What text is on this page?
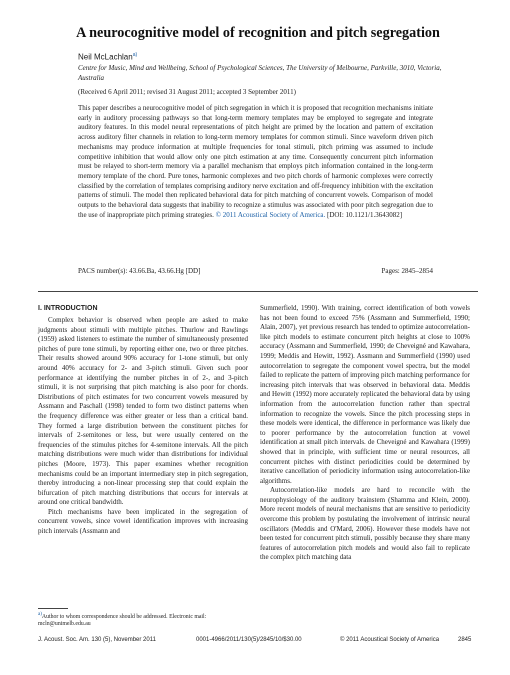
A neurocognitive model of recognition and pitch segregation
Neil McLachlan$^{a)}$
Centre for Music, Mind and Wellbeing, School of Psychological Sciences, The University of Melbourne, Parkville, 3010, Victoria, Australia
(Received 6 April 2011; revised 31 August 2011; accepted 3 September 2011)
This paper describes a neurocognitive model of pitch segregation in which it is proposed that recognition mechanisms initiate early in auditory processing pathways so that long-term memory templates may be employed to segregate and integrate auditory features. In this model neural representations of pitch height are primed by the location and pattern of excitation across auditory filter channels in relation to long-term memory templates for common stimuli. Since waveform driven pitch mechanisms may produce information at multiple frequencies for tonal stimuli, pitch priming was assumed to include competitive inhibition that would allow only one pitch estimation at any time. Consequently concurrent pitch information must be relayed to short-term memory via a parallel mechanism that employs pitch information contained in the long-term memory template of the chord. Pure tones, harmonic complexes and two pitch chords of harmonic complexes were correctly classified by the correlation of templates comprising auditory nerve excitation and off-frequency inhibition with the excitation patterns of stimuli. The model then replicated behavioral data for pitch matching of concurrent vowels. Comparison of model outputs to the behavioral data suggests that inability to recognize a stimulus was associated with poor pitch segregation due to the use of inappropriate pitch priming strategies. © 2011 Acoustical Society of America. [DOI: 10.1121/1.3643082]
PACS number(s): 43.66.Ba, 43.66.Hg [DD]	Pages: 2845–2854
I. INTRODUCTION

Complex behavior is observed when people are asked to make judgments about stimuli with multiple pitches. Thurlow and Rawlings (1959) asked listeners to estimate the number of simultaneously presented pitches of pure tone stimuli, by reporting either one, two or three pitches. Their results showed around 90% accuracy for 1-tone stimuli, but only around 40% accuracy for 2- and 3-pitch stimuli. Given such poor performance at identifying the number pitches in of 2-, and 3-pitch stimuli, it is not surprising that pitch matching is also poor for chords. Distributions of pitch estimates for two concurrent vowels measured by Assmann and Paschall (1998) tended to form two distinct patterns when the frequency difference was either greater or less than a critical band. They formed a large distribution between the constituent pitches for intervals of 2-semitones or less, but were usually centered on the frequencies of the stimulus pitches for 4-semitone intervals. All the pitch matching distributions were much wider than distributions for individual pitches (Moore, 1973). This paper examines whether recognition mechanisms could be an important intermediary step in pitch segregation, thereby introducing a non-linear processing step that could explain the bifurcation of pitch matching distributions that occurs for intervals at around one critical bandwidth.

Pitch mechanisms have been implicated in the segregation of concurrent vowels, since vowel identification improves with increasing pitch intervals (Assmann and

Summerfield, 1990). With training, correct identification of both vowels has not been found to exceed 75% (Assmann and Summerfield, 1990; Alain, 2007), yet previous research has tended to optimize autocorrelation-like pitch models to estimate concurrent pitch heights at close to 100% accuracy (Assmann and Summerfield, 1990; de Cheveigné and Kawahara, 1999; Meddis and Hewitt, 1992). Assmann and Summerfield (1990) used autocorrelation to segregate the component vowel spectra, but the model failed to replicate the pattern of improving pitch matching performance for increasing pitch intervals that was observed in behavioral data. Meddis and Hewitt (1992) more accurately replicated the behavioral data by using information from the autocorrelation function rather than spectral information to recognize the vowels. Since the pitch processing steps in these models were identical, the difference in performance was likely due to poorer performance by the autocorrelation function at vowel identification at small pitch intervals. de Cheveigné and Kawahara (1999) showed that in principle, with sufficient time or neural resources, all concurrent pitches with distinct periodicities could be determined by iterative cancellation of periodicity information using autocorrelation-like algorithms.

Autocorrelation-like models are hard to reconcile with the neurophysiology of the auditory brainstem (Shamma and Klein, 2000). More recent models of neural mechanisms that are sensitive to periodicity overcome this problem by postulating the involvement of intrinsic neural oscillators (Meddis and O'Mard, 2006). However these models have not been tested for concurrent pitch stimuli, possibly because they share many features of autocorrelation pitch models and would also fail to replicate the complex pitch matching data

$^{a)}$Author to whom correspondence should be addressed. Electronic mail: mcln@unimelb.edu.au
J. Acoust. Soc. Am. 130 (5), November 2011	0001-4966/2011/130(5)/2845/10/$30.00	© 2011 Acoustical Society of America	2845
